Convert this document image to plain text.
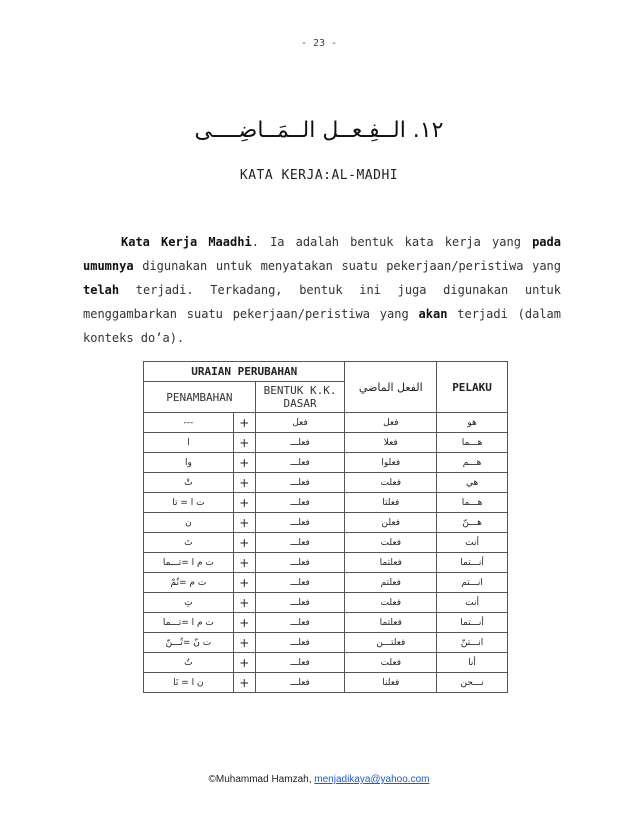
- 23 -
١٢. الــفِـعــل الــمَــاضِــــى
KATA KERJA:AL-MADHI
Kata Kerja Maadhi. Ia adalah bentuk kata kerja yang pada umumnya digunakan untuk menyatakan suatu pekerjaan/peristiwa yang telah terjadi. Terkadang, bentuk ini juga digunakan untuk menggambarkan suatu pekerjaan/peristiwa yang akan terjadi (dalam konteks do’a).
URAIAN PERUBAHAN			الفعل الماضي	PELAKU
PENAMBAHAN		BENTUK K.K. DASAR		
---	+	فعل	فعل	هو
ا	+	فعلـــ	فعلا	هـــما
وا	+	فعلـــ	فعلوا	هـــم
تْ	+	فعلـــ	فعلت	هي
ت ا = تا	+	فعلـــ	فعلتا	هـــما
ن	+	فعلـــ	فعلن	هـــنّ
تَ	+	فعلـــ	فعلت	أنت
ت م ا =تـــما	+	فعلـــ	فعلتما	أنـــتما
ت م =تُمْ	+	فعلـــ	فعلتم	انـــتم
تِ	+	فعلـــ	فعلت	أنت
ت م ا =تـــما	+	فعلـــ	فعلتما	أنـــتما
ت نّ =تُـــنّ	+	فعلـــ	فعلتـــن	انـــتنّ
تُ	+	فعلـــ	فعلت	أنا
ن ا = نَا	+	فعلـــ	فعلنا	نـــحن
©Muhammad Hamzah, menjadikaya@yahoo.com
